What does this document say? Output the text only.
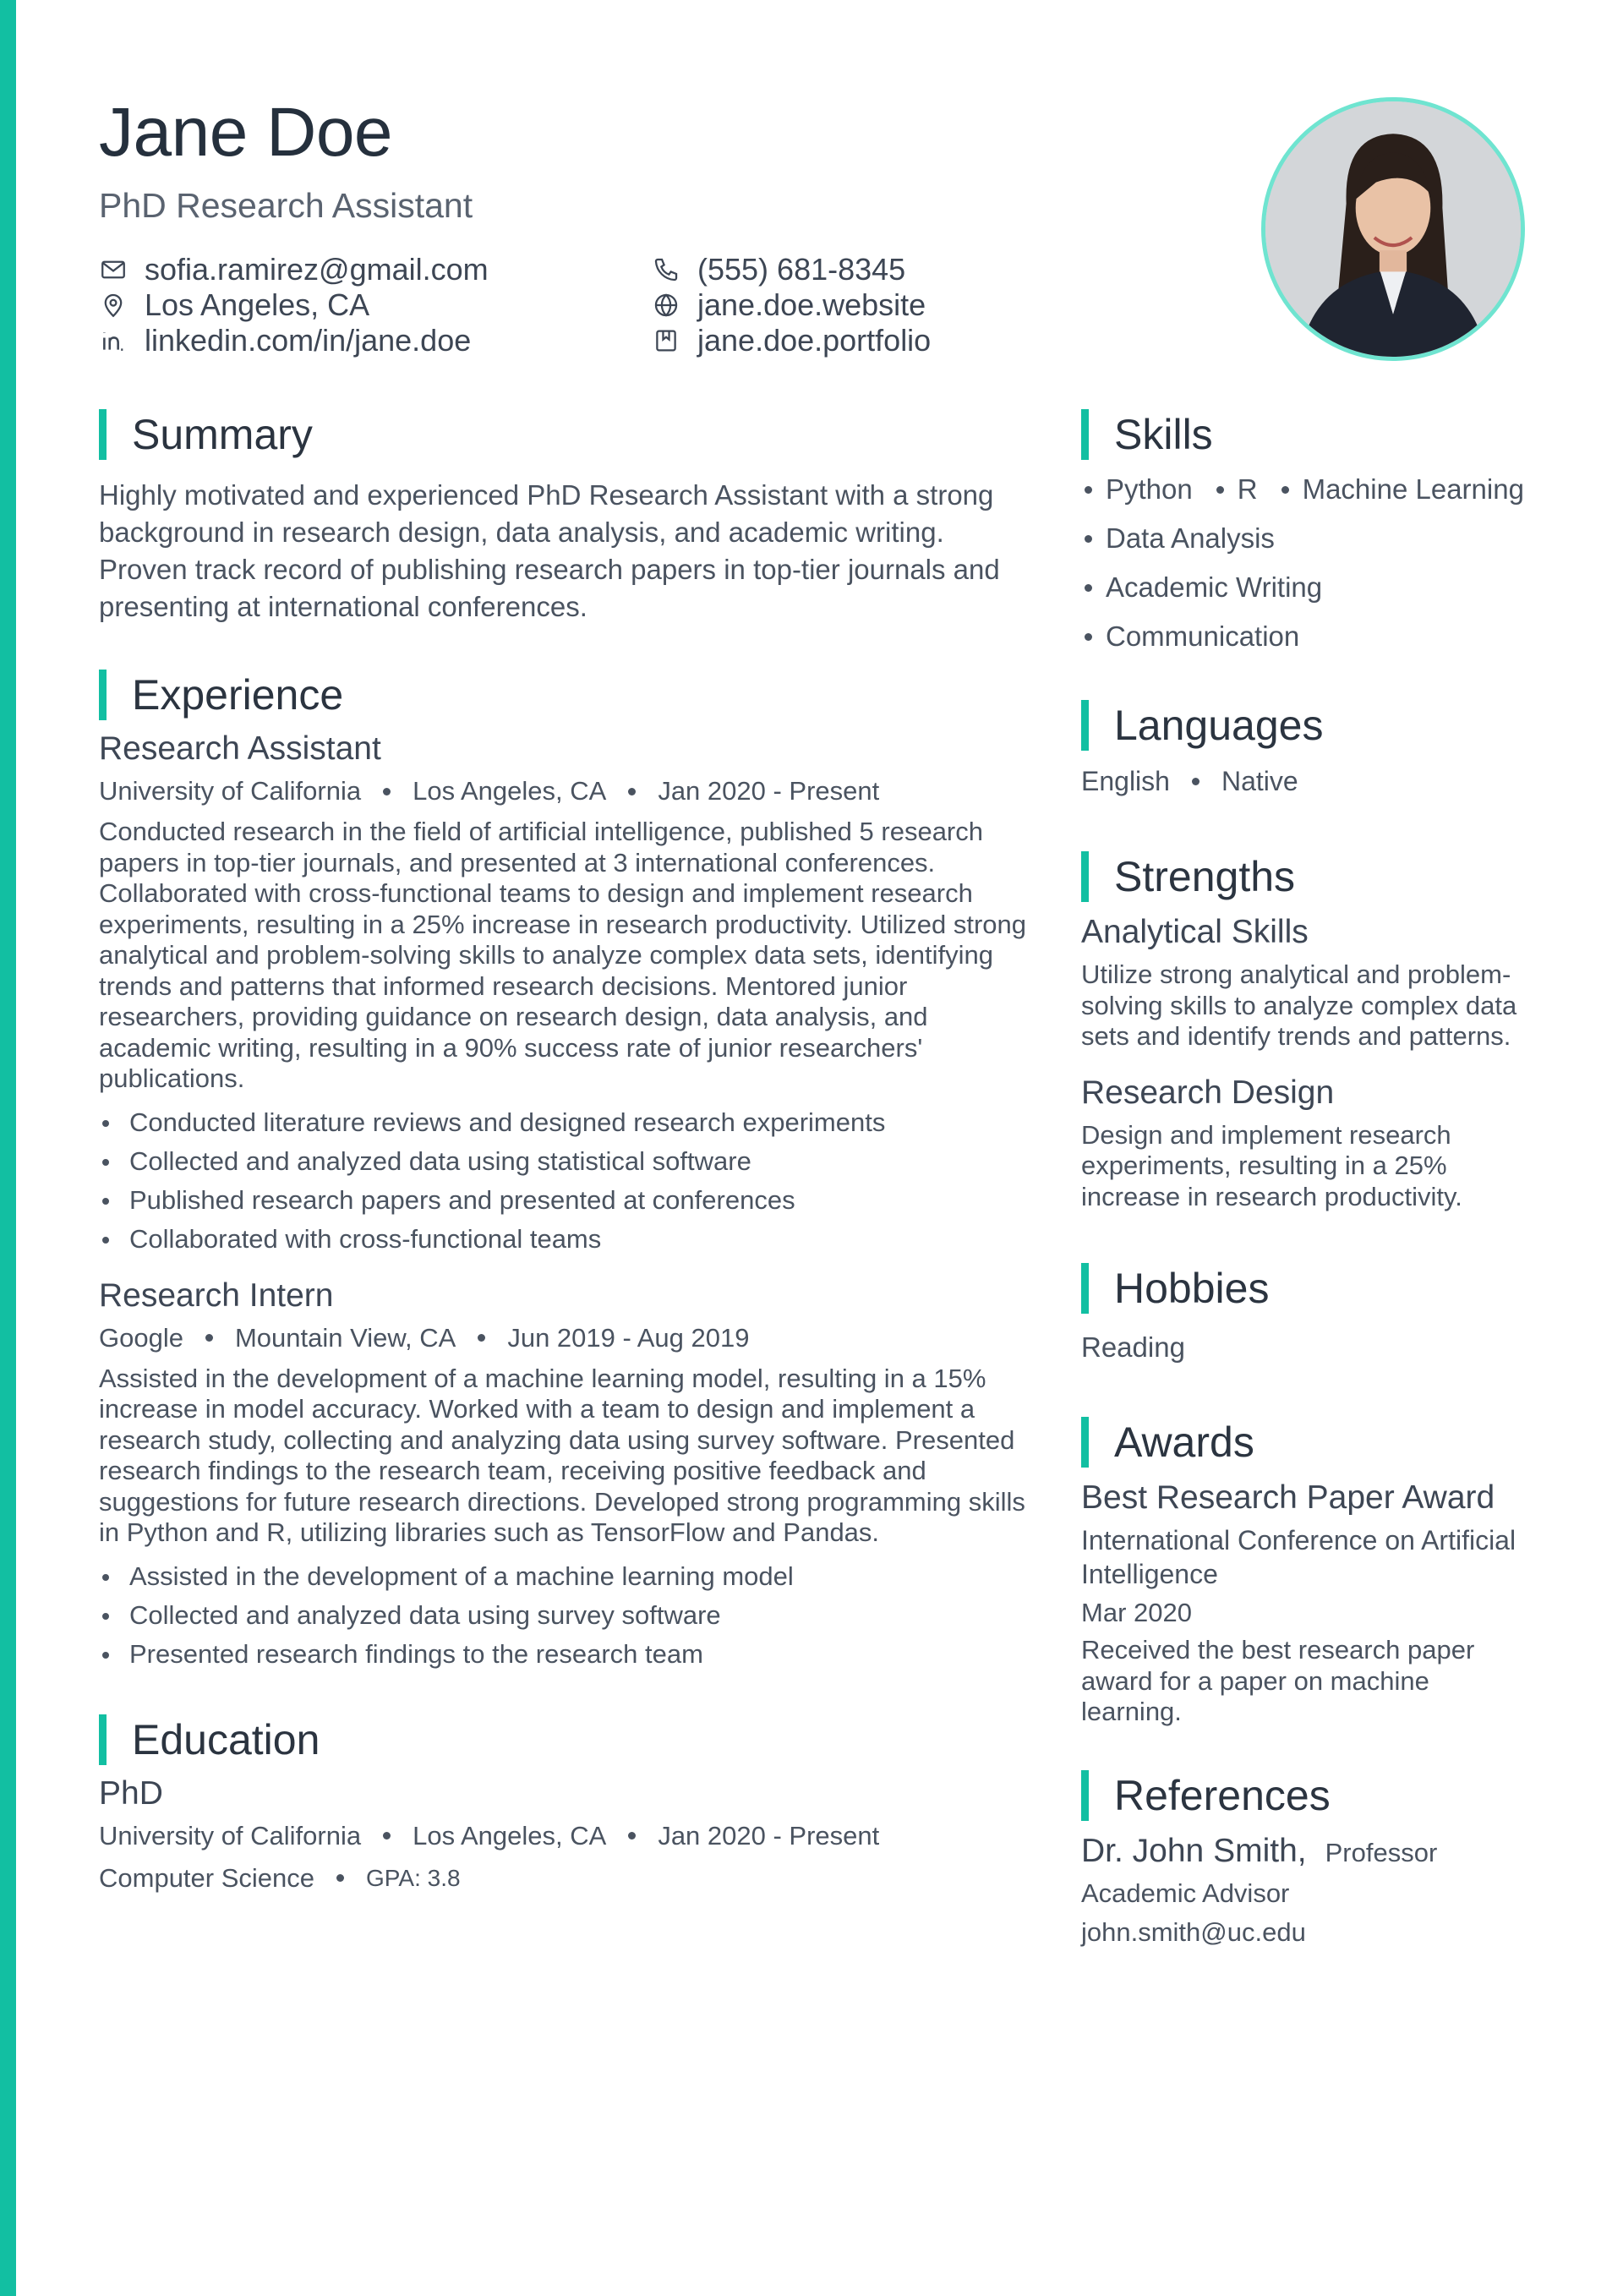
Jane Doe
PhD Research Assistant
sofia.ramirez@gmail.com	(555) 681-8345
Los Angeles, CA	jane.doe.website
linkedin.com/in/jane.doe	jane.doe.portfolio
Summary
Highly motivated and experienced PhD Research Assistant with a strong background in research design, data analysis, and academic writing. Proven track record of publishing research papers in top-tier journals and presenting at international conferences.
Experience
Research Assistant
University of California Los Angeles, CA Jan 2020 - Present
Conducted research in the field of artificial intelligence, published 5 research papers in top-tier journals, and presented at 3 international conferences. Collaborated with cross-functional teams to design and implement research experiments, resulting in a 25% increase in research productivity. Utilized strong analytical and problem-solving skills to analyze complex data sets, identifying trends and patterns that informed research decisions. Mentored junior researchers, providing guidance on research design, data analysis, and academic writing, resulting in a 90% success rate of junior researchers' publications.
Conducted literature reviews and designed research experiments
Collected and analyzed data using statistical software
Published research papers and presented at conferences
Collaborated with cross-functional teams
Research Intern
Google Mountain View, CA Jun 2019 - Aug 2019
Assisted in the development of a machine learning model, resulting in a 15% increase in model accuracy. Worked with a team to design and implement a research study, collecting and analyzing data using survey software. Presented research findings to the research team, receiving positive feedback and suggestions for future research directions. Developed strong programming skills in Python and R, utilizing libraries such as TensorFlow and Pandas.
Assisted in the development of a machine learning model
Collected and analyzed data using survey software
Presented research findings to the research team
Education
PhD
University of California Los Angeles, CA Jan 2020 - Present
Computer Science GPA: 3.8
Skills
Python	R	Machine Learning
Data Analysis
Academic Writing
Communication
Languages
English Native
Strengths
Analytical Skills
Utilize strong analytical and problem-solving skills to analyze complex data sets and identify trends and patterns.
Research Design
Design and implement research experiments, resulting in a 25% increase in research productivity.
Hobbies
Reading
Awards
Best Research Paper Award
International Conference on Artificial Intelligence
Mar 2020
Received the best research paper award for a paper on machine learning.
References
Dr. John Smith, Professor
Academic Advisor
john.smith@uc.edu
